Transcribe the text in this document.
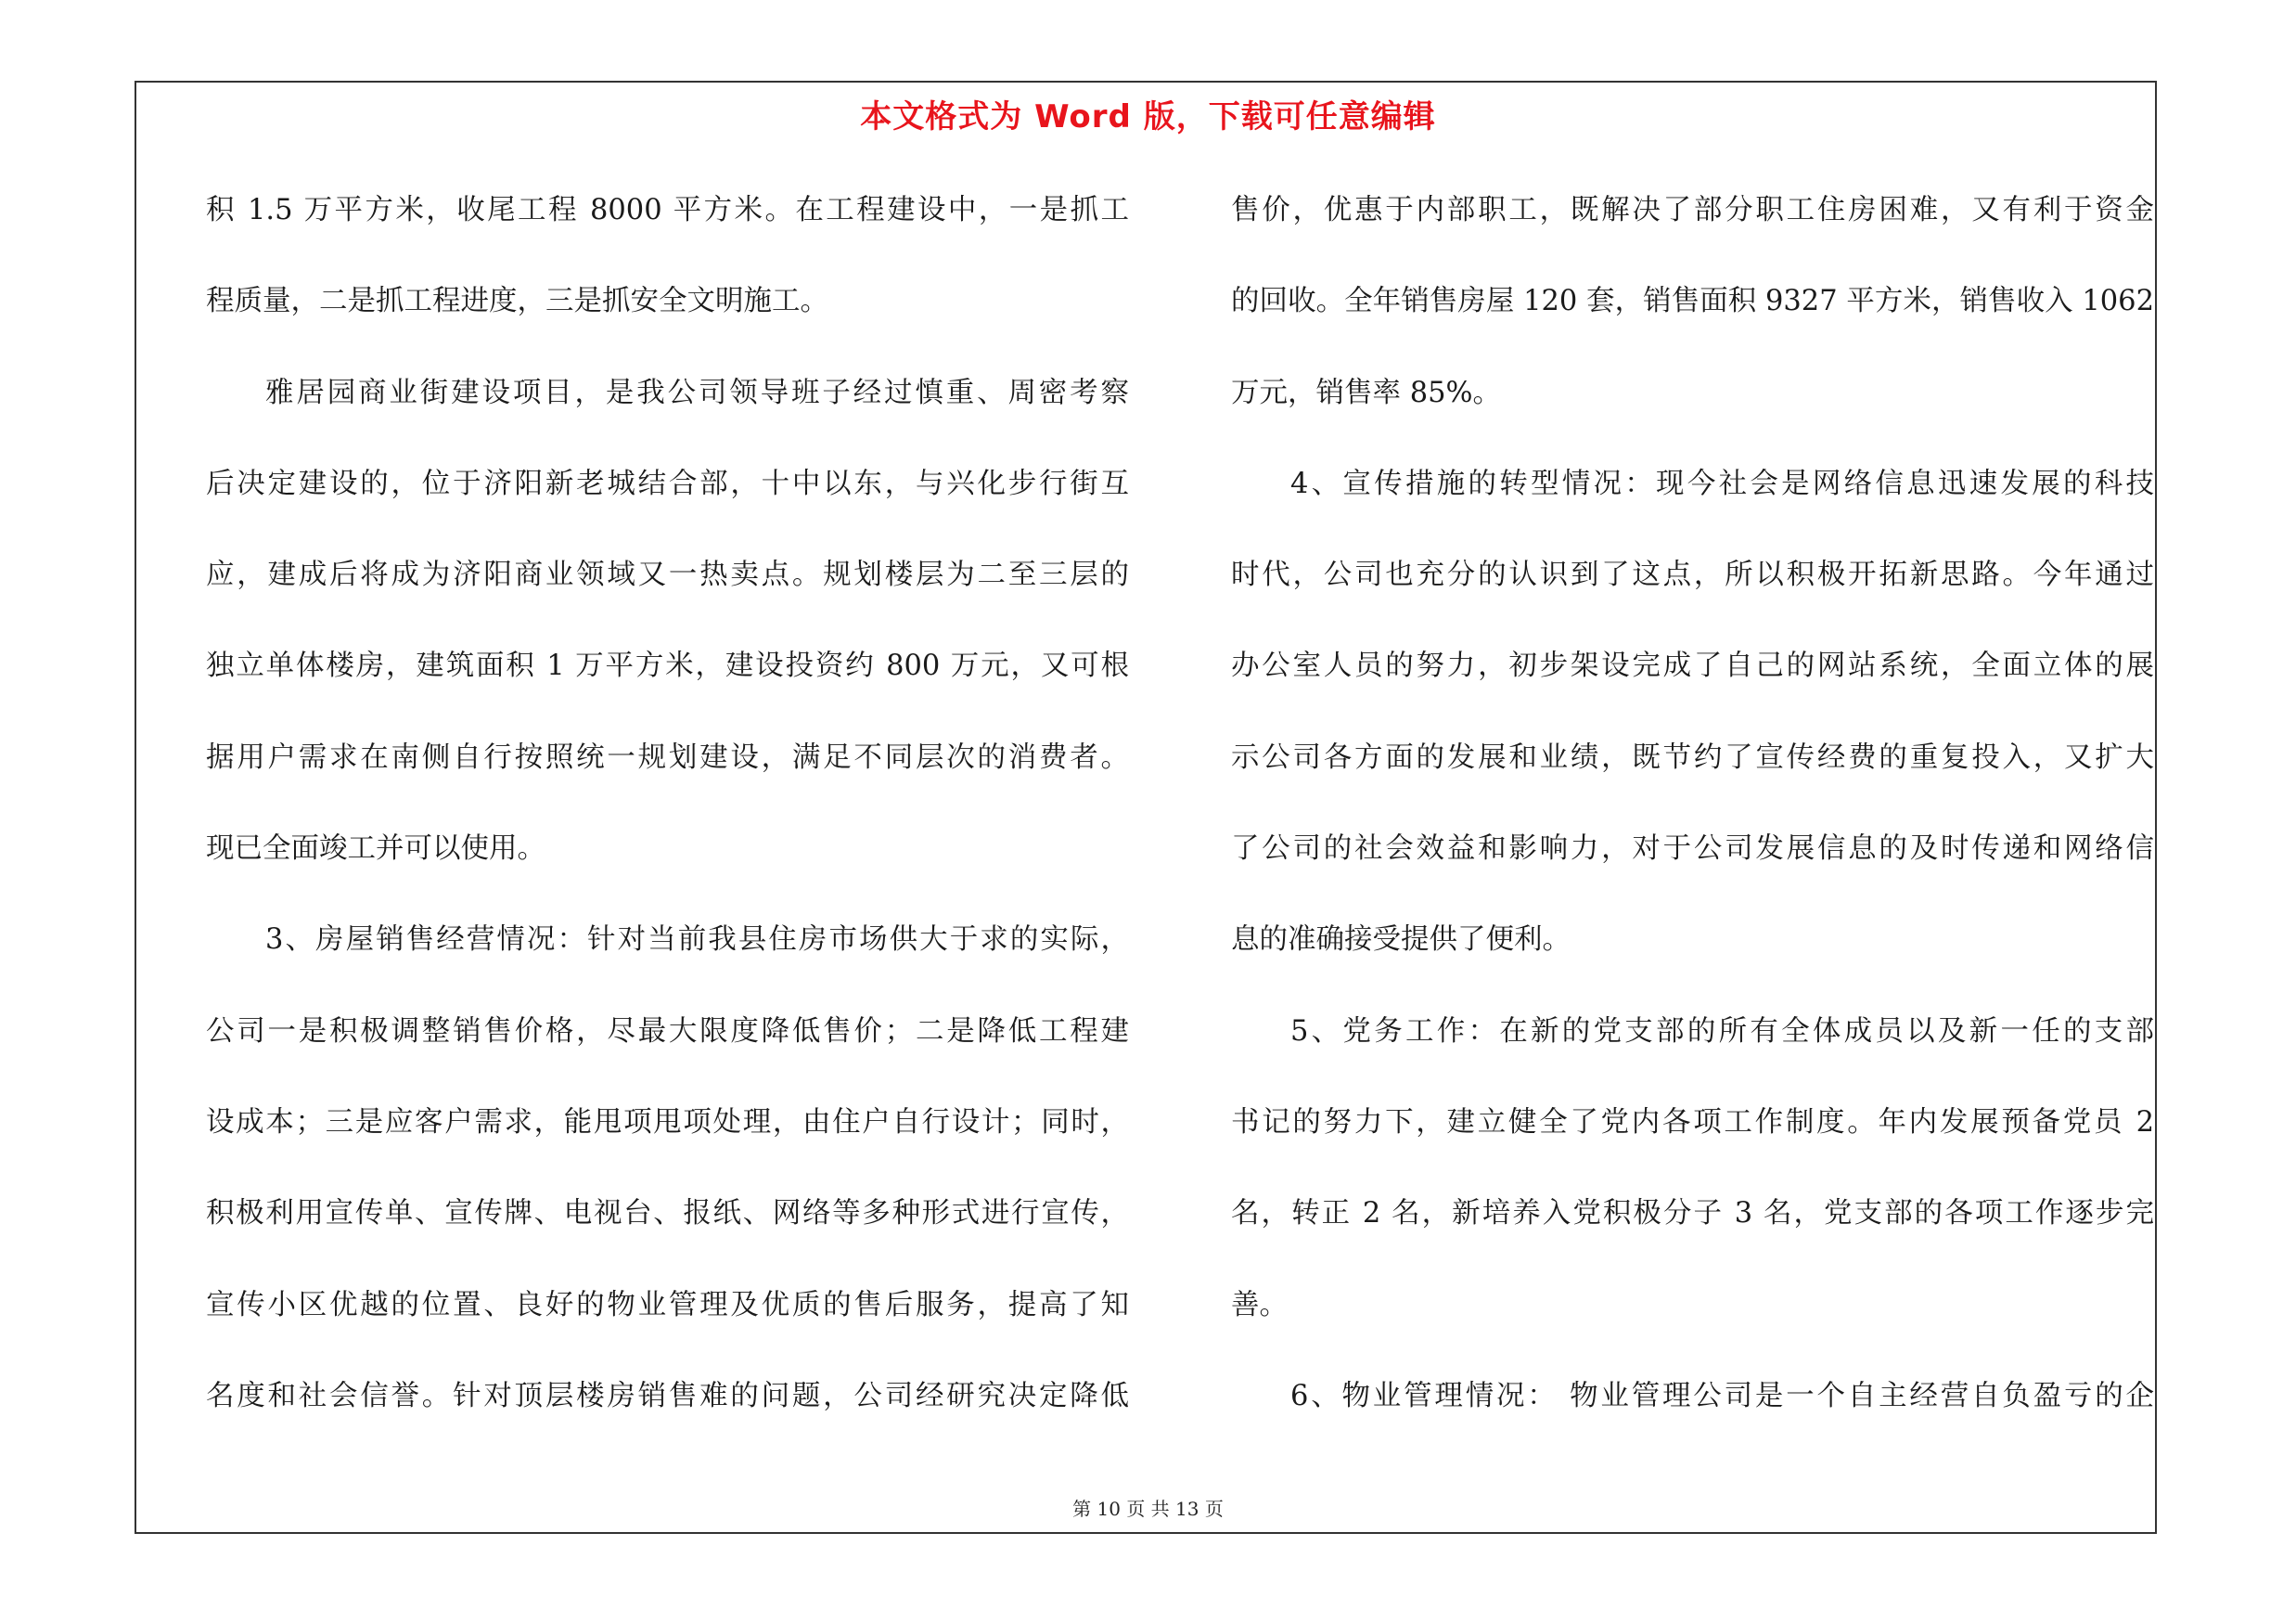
本文格式为 Word 版，下载可任意编辑
积 1.5 万平方米，收尾工程 8000 平方米。在工程建设中，一是抓工
程质量，二是抓工程进度，三是抓安全文明施工。
雅居园商业街建设项目，是我公司领导班子经过慎重、周密考察
后决定建设的，位于济阳新老城结合部，十中以东，与兴化步行街互
应，建成后将成为济阳商业领域又一热卖点。规划楼层为二至三层的
独立单体楼房，建筑面积 1 万平方米，建设投资约 800 万元，又可根
据用户需求在南侧自行按照统一规划建设，满足不同层次的消费者。
现已全面竣工并可以使用。
3、房屋销售经营情况：针对当前我县住房市场供大于求的实际，
公司一是积极调整销售价格，尽最大限度降低售价；二是降低工程建
设成本；三是应客户需求，能甩项甩项处理，由住户自行设计；同时，
积极利用宣传单、宣传牌、电视台、报纸、网络等多种形式进行宣传，
宣传小区优越的位置、良好的物业管理及优质的售后服务，提高了知
名度和社会信誉。针对顶层楼房销售难的问题，公司经研究决定降低
售价，优惠于内部职工，既解决了部分职工住房困难，又有利于资金
的回收。全年销售房屋 120 套，销售面积 9327 平方米，销售收入 1062
万元，销售率 85%。
4、宣传措施的转型情况：现今社会是网络信息迅速发展的科技
时代，公司也充分的认识到了这点，所以积极开拓新思路。今年通过
办公室人员的努力，初步架设完成了自己的网站系统，全面立体的展
示公司各方面的发展和业绩，既节约了宣传经费的重复投入，又扩大
了公司的社会效益和影响力，对于公司发展信息的及时传递和网络信
息的准确接受提供了便利。
5、党务工作：在新的党支部的所有全体成员以及新一任的支部
书记的努力下，建立健全了党内各项工作制度。年内发展预备党员 2
名，转正 2 名，新培养入党积极分子 3 名，党支部的各项工作逐步完
善。
6、物业管理情况： 物业管理公司是一个自主经营自负盈亏的企
第 10 页 共 13 页
